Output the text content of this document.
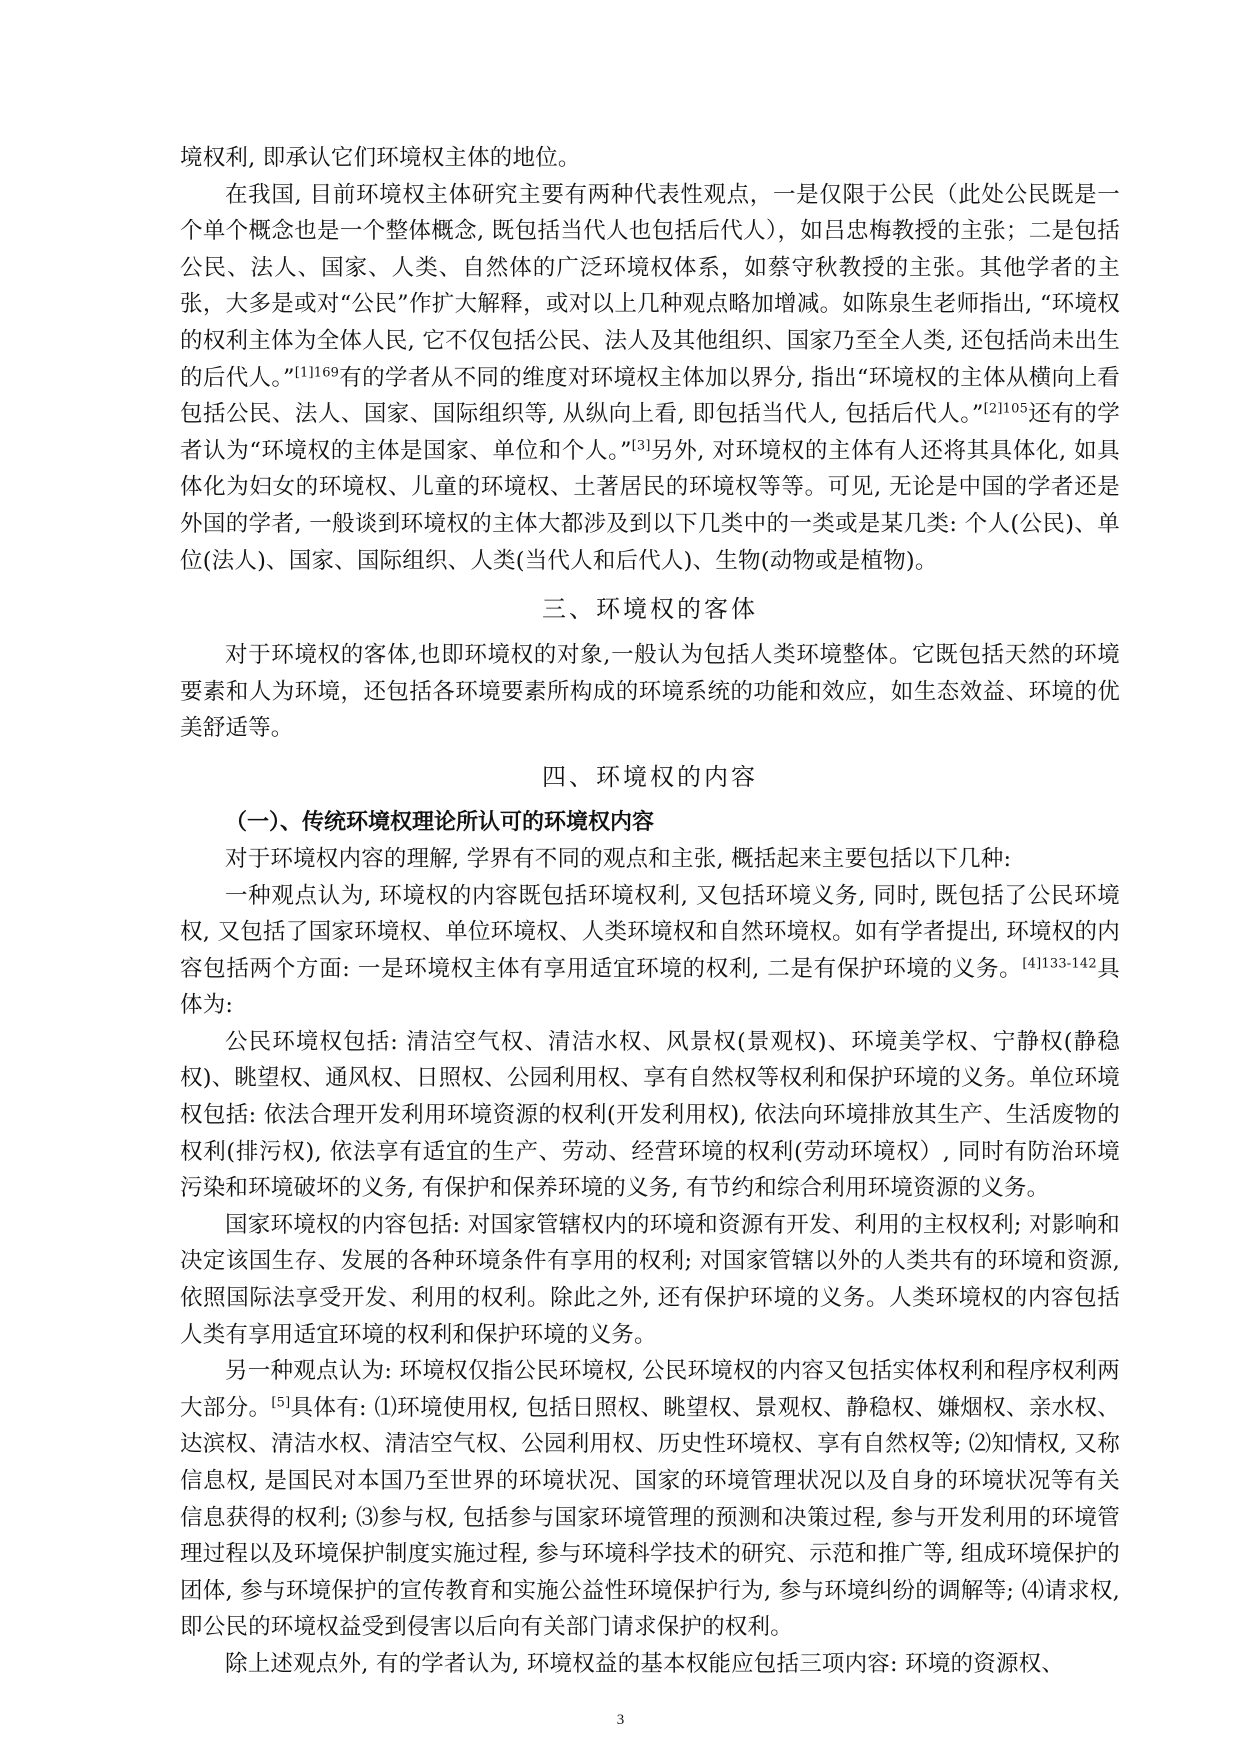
境权利, 即承认它们环境权主体的地位。

在我国, 目前环境权主体研究主要有两种代表性观点，一是仅限于公民（此处公民既是一个单个概念也是一个整体概念, 既包括当代人也包括后代人），如吕忠梅教授的主张；二是包括公民、法人、国家、人类、自然体的广泛环境权体系，如蔡守秋教授的主张。其他学者的主张，大多是或对“公民”作扩大解释，或对以上几种观点略加增减。如陈泉生老师指出, “环境权的权利主体为全体人民, 它不仅包括公民、法人及其他组织、国家乃至全人类, 还包括尚未出生的后代人。”$^{[1]169}$有的学者从不同的维度对环境权主体加以界分, 指出“环境权的主体从横向上看包括公民、法人、国家、国际组织等, 从纵向上看, 即包括当代人, 包括后代人。”$^{[2]105}$还有的学者认为“环境权的主体是国家、单位和个人。”[3]另外, 对环境权的主体有人还将其具体化, 如具体化为妇女的环境权、儿童的环境权、土著居民的环境权等等。可见, 无论是中国的学者还是外国的学者, 一般谈到环境权的主体大都涉及到以下几类中的一类或是某几类: 个人(公民)、单位(法人)、国家、国际组织、人类(当代人和后代人)、生物(动物或是植物)。

三、环境权的客体

对于环境权的客体,也即环境权的对象,一般认为包括人类环境整体。它既包括天然的环境要素和人为环境，还包括各环境要素所构成的环境系统的功能和效应，如生态效益、环境的优美舒适等。

四、环境权的内容

（一）、传统环境权理论所认可的环境权内容

对于环境权内容的理解, 学界有不同的观点和主张, 概括起来主要包括以下几种:

一种观点认为, 环境权的内容既包括环境权利, 又包括环境义务, 同时, 既包括了公民环境权, 又包括了国家环境权、单位环境权、人类环境权和自然环境权。如有学者提出, 环境权的内容包括两个方面: 一是环境权主体有享用适宜环境的权利, 二是有保护环境的义务。$^{[4]133-142}$具体为:

公民环境权包括: 清洁空气权、清洁水权、风景权(景观权)、环境美学权、宁静权(静稳权)、眺望权、通风权、日照权、公园利用权、享有自然权等权利和保护环境的义务。单位环境权包括: 依法合理开发利用环境资源的权利(开发利用权), 依法向环境排放其生产、生活废物的权利(排污权), 依法享有适宜的生产、劳动、经营环境的权利(劳动环境权）, 同时有防治环境污染和环境破坏的义务, 有保护和保养环境的义务, 有节约和综合利用环境资源的义务。

国家环境权的内容包括: 对国家管辖权内的环境和资源有开发、利用的主权权利; 对影响和决定该国生存、发展的各种环境条件有享用的权利; 对国家管辖以外的人类共有的环境和资源, 依照国际法享受开发、利用的权利。除此之外, 还有保护环境的义务。人类环境权的内容包括人类有享用适宜环境的权利和保护环境的义务。

另一种观点认为: 环境权仅指公民环境权, 公民环境权的内容又包括实体权利和程序权利两大部分。[5]具体有: ⑴环境使用权, 包括日照权、眺望权、景观权、静稳权、嫌烟权、亲水权、达滨权、清洁水权、清洁空气权、公园利用权、历史性环境权、享有自然权等; ⑵知情权, 又称信息权, 是国民对本国乃至世界的环境状况、国家的环境管理状况以及自身的环境状况等有关信息获得的权利; ⑶参与权, 包括参与国家环境管理的预测和决策过程, 参与开发利用的环境管理过程以及环境保护制度实施过程, 参与环境科学技术的研究、示范和推广等, 组成环境保护的团体, 参与环境保护的宣传教育和实施公益性环境保护行为, 参与环境纠纷的调解等; ⑷请求权, 即公民的环境权益受到侵害以后向有关部门请求保护的权利。

除上述观点外, 有的学者认为, 环境权益的基本权能应包括三项内容: 环境的资源权、

3
